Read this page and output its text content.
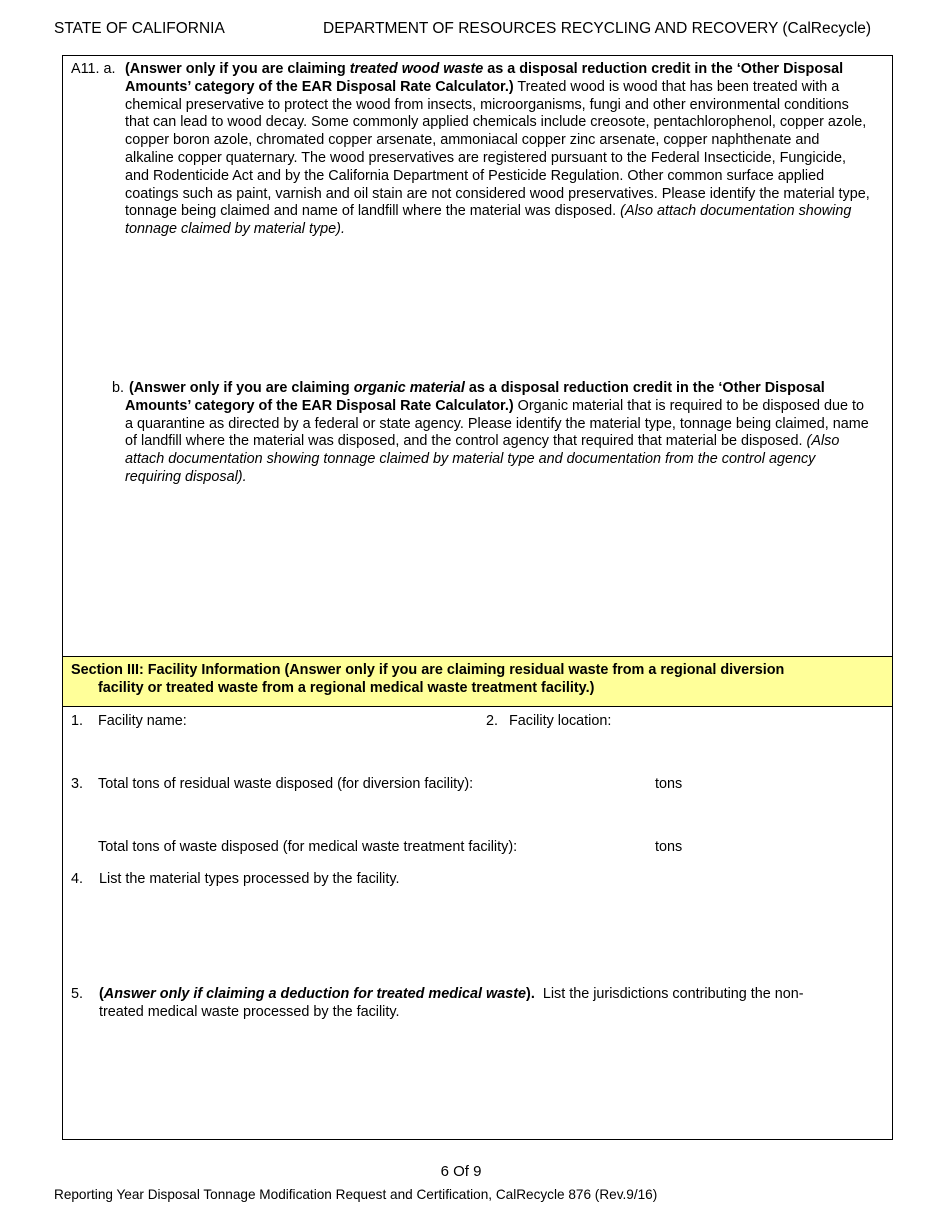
STATE OF CALIFORNIA	DEPARTMENT OF RESOURCES RECYCLING AND RECOVERY (CalRecycle)
A11. a. (Answer only if you are claiming treated wood waste as a disposal reduction credit in the ‘Other Disposal Amounts’ category of the EAR Disposal Rate Calculator.) Treated wood is wood that has been treated with a chemical preservative to protect the wood from insects, microorganisms, fungi and other environmental conditions that can lead to wood decay. Some commonly applied chemicals include creosote, pentachlorophenol, copper azole, copper boron azole, chromated copper arsenate, ammoniacal copper zinc arsenate, copper naphthenate and alkaline copper quaternary. The wood preservatives are registered pursuant to the Federal Insecticide, Fungicide, and Rodenticide Act and by the California Department of Pesticide Regulation. Other common surface applied coatings such as paint, varnish and oil stain are not considered wood preservatives. Please identify the material type, tonnage being claimed and name of landfill where the material was disposed. (Also attach documentation showing tonnage claimed by material type).
b. (Answer only if you are claiming organic material as a disposal reduction credit in the ‘Other Disposal Amounts’ category of the EAR Disposal Rate Calculator.) Organic material that is required to be disposed due to a quarantine as directed by a federal or state agency. Please identify the material type, tonnage being claimed, name of landfill where the material was disposed, and the control agency that required that material be disposed. (Also attach documentation showing tonnage claimed by material type and documentation from the control agency requiring disposal).
Section III: Facility Information (Answer only if you are claiming residual waste from a regional diversion
facility or treated waste from a regional medical waste treatment facility.)
1. Facility name:	2. Facility location:
3. Total tons of residual waste disposed (for diversion facility):	tons
Total tons of waste disposed (for medical waste treatment facility):	tons
4. List the material types processed by the facility.
5. (Answer only if claiming a deduction for treated medical waste).  List the jurisdictions contributing the non-
treated medical waste processed by the facility.
6 Of 9
Reporting Year Disposal Tonnage Modification Request and Certification, CalRecycle 876 (Rev.9/16)
